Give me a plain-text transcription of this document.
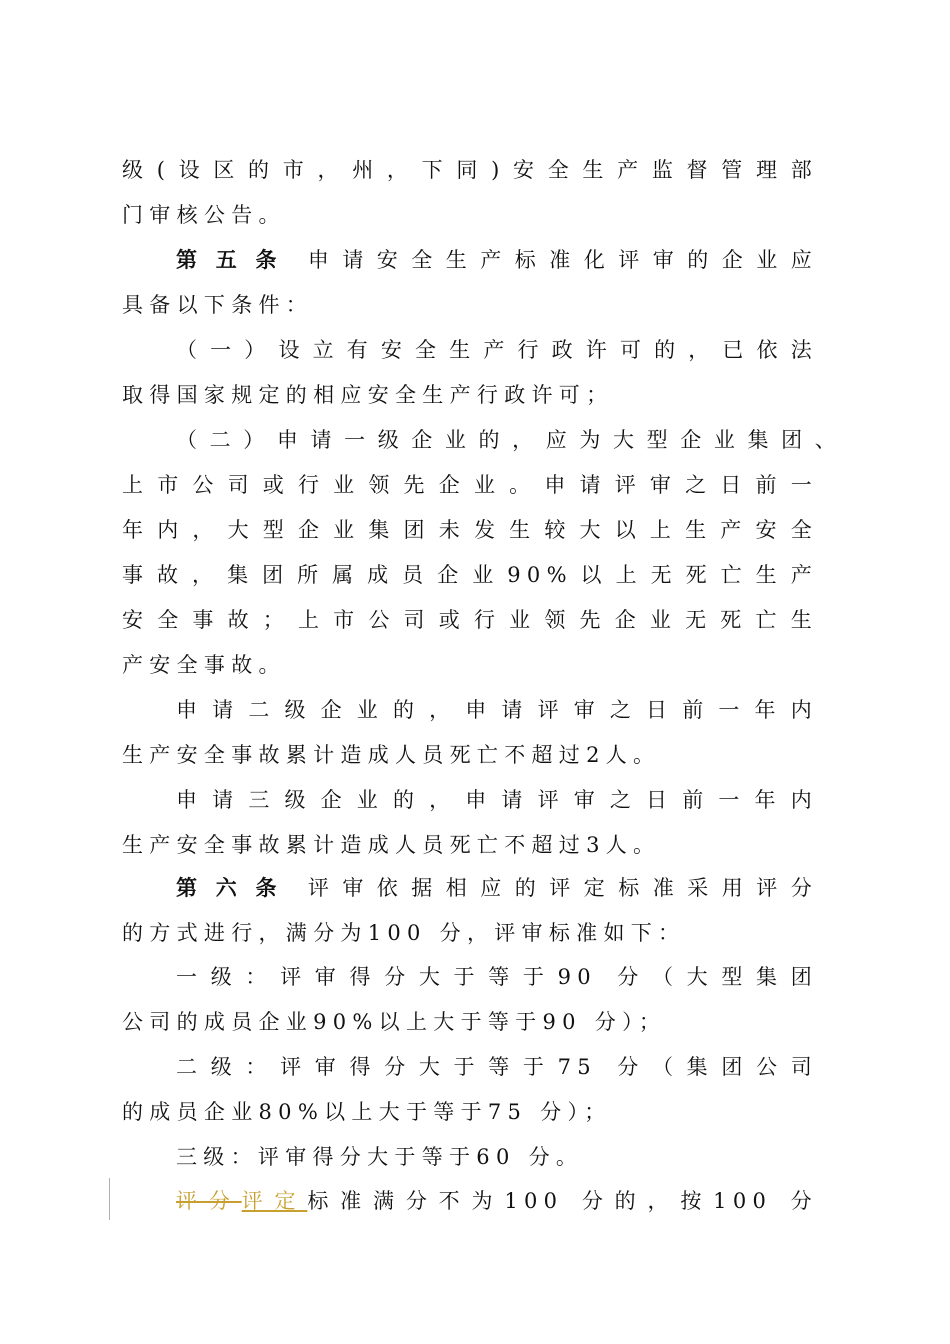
级(设区的市，州，下同)安全生产监督管理部
门审核公告。
第五条 申请安全生产标准化评审的企业应
具备以下条件：
（一）设立有安全生产行政许可的，已依法
取得国家规定的相应安全生产行政许可；
（二）申请一级企业的，应为大型企业集团、
上市公司或行业领先企业。申请评审之日前一
年内，大型企业集团未发生较大以上生产安全
事故，集团所属成员企业90%以上无死亡生产
安全事故；上市公司或行业领先企业无死亡生
产安全事故。
申请二级企业的，申请评审之日前一年内
生产安全事故累计造成人员死亡不超过2人。
申请三级企业的，申请评审之日前一年内
生产安全事故累计造成人员死亡不超过3人。
第六条 评审依据相应的评定标准采用评分
的方式进行，满分为100 分，评审标准如下：
一级：评审得分大于等于90 分（大型集团
公司的成员企业90%以上大于等于90 分）；
二级：评审得分大于等于75 分（集团公司
的成员企业80%以上大于等于75 分）；
三级：评审得分大于等于60 分。
评分评定标准满分不为100 分的，按100 分
